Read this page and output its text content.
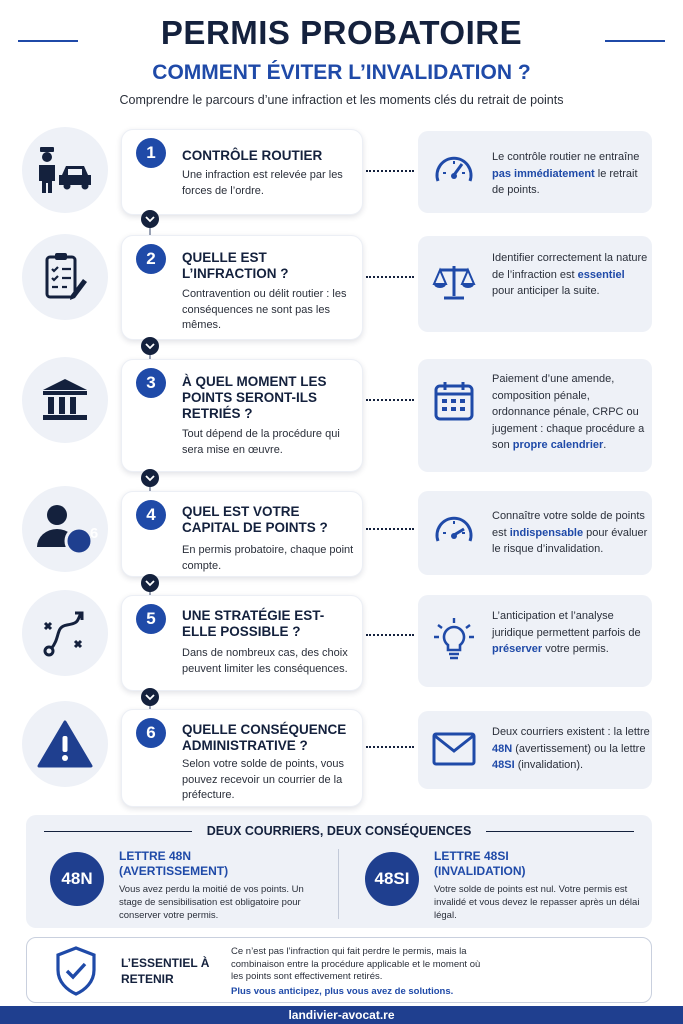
PERMIS PROBATOIRE
COMMENT ÉVITER L’INVALIDATION ?
Comprendre le parcours d’une infraction et les moments clés du retrait de points
1	CONTRÔLE ROUTIER
Une infraction est relevée par les forces de l’ordre.
Le contrôle routier ne entraîne pas immédiatement le retrait de points.
2	QUELLE EST L’INFRACTION ?
Contravention ou délit routier : les conséquences ne sont pas les mêmes.
Identifier correctement la nature de l’infraction est essentiel pour anticiper la suite.
3	À QUEL MOMENT LES POINTS SERONT-ILS RETRIÉS ?
Tout dépend de la procédure qui sera mise en œuvre.
Paiement d’une amende, composition pénale, ordonnance pénale, CRPC ou jugement : chaque procédure a son propre calendrier.
6
4	QUEL EST VOTRE CAPITAL DE POINTS ?
En permis probatoire, chaque point compte.
Connaître votre solde de points est indispensable pour évaluer le risque d’invalidation.
5	UNE STRATÉGIE EST-ELLE POSSIBLE ?
Dans de nombreux cas, des choix peuvent limiter les conséquences.
L’anticipation et l’analyse juridique permettent parfois de préserver votre permis.
6	QUELLE CONSÉQUENCE ADMINISTRATIVE ?
Selon votre solde de points, vous pouvez recevoir un courrier de la préfecture.
Deux courriers existent : la lettre 48N (avertissement) ou la lettre 48SI (invalidation).
DEUX COURRIERS, DEUX CONSÉQUENCES
48N
LETTRE 48N (AVERTISSEMENT)
Vous avez perdu la moitié de vos points. Un stage de sensibilisation est obligatoire pour conserver votre permis.
48SI
LETTRE 48SI (INVALIDATION)
Votre solde de points est nul. Votre permis est invalidé et vous devez le repasser après un délai légal.
L’ESSENTIEL À RETENIR
Ce n’est pas l’infraction qui fait perdre le permis, mais la combinaison entre la procédure applicable et le moment où les points sont effectivement retirés.
Plus vous anticipez, plus vous avez de solutions.
landivier-avocat.re
